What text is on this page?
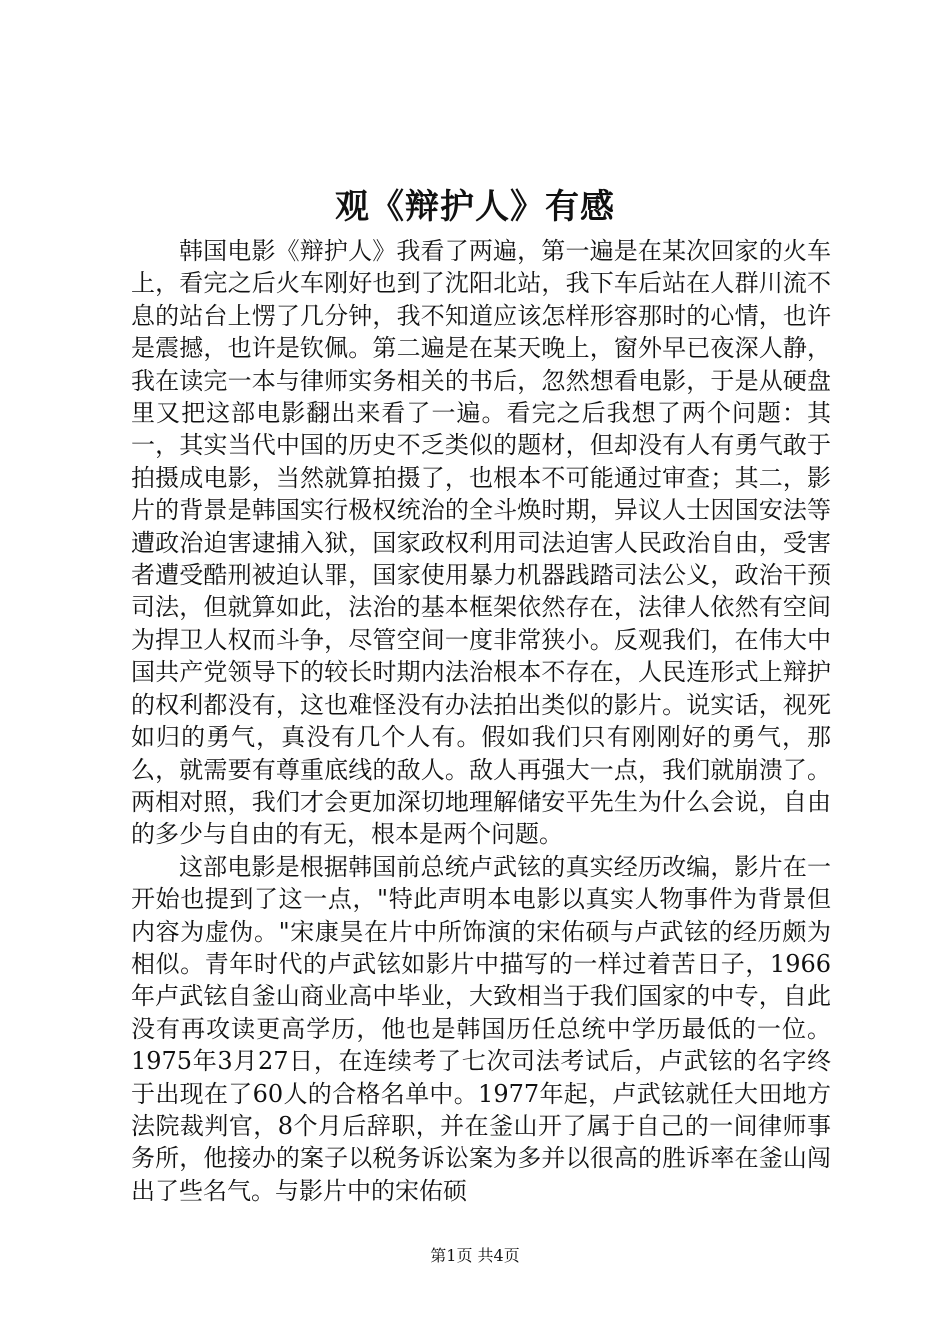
观《辩护人》有感

韩国电影《辩护人》我看了两遍，第一遍是在某次回家的火车上，看完之后火车刚好也到了沈阳北站，我下车后站在人群川流不息的站台上愣了几分钟，我不知道应该怎样形容那时的心情，也许是震撼，也许是钦佩。第二遍是在某天晚上，窗外早已夜深人静，我在读完一本与律师实务相关的书后，忽然想看电影，于是从硬盘里又把这部电影翻出来看了一遍。看完之后我想了两个问题：其一，其实当代中国的历史不乏类似的题材，但却没有人有勇气敢于拍摄成电影，当然就算拍摄了，也根本不可能通过审查；其二，影片的背景是韩国实行极权统治的全斗焕时期，异议人士因国安法等遭政治迫害逮捕入狱，国家政权利用司法迫害人民政治自由，受害者遭受酷刑被迫认罪，国家使用暴力机器践踏司法公义，政治干预司法，但就算如此，法治的基本框架依然存在，法律人依然有空间为捍卫人权而斗争，尽管空间一度非常狭小。反观我们，在伟大中国共产党领导下的较长时期内法治根本不存在，人民连形式上辩护的权利都没有，这也难怪没有办法拍出类似的影片。说实话，视死如归的勇气，真没有几个人有。假如我们只有刚刚好的勇气，那么，就需要有尊重底线的敌人。敌人再强大一点，我们就崩溃了。两相对照，我们才会更加深切地理解储安平先生为什么会说，自由的多少与自由的有无，根本是两个问题。

这部电影是根据韩国前总统卢武铉的真实经历改编，影片在一开始也提到了这一点，"特此声明本电影以真实人物事件为背景但内容为虚伪。"宋康昊在片中所饰演的宋佑硕与卢武铉的经历颇为相似。青年时代的卢武铉如影片中描写的一样过着苦日子，1966年卢武铉自釜山商业高中毕业，大致相当于我们国家的中专，自此没有再攻读更高学历，他也是韩国历任总统中学历最低的一位。1975年3月27日，在连续考了七次司法考试后，卢武铉的名字终于出现在了60人的合格名单中。1977年起，卢武铉就任大田地方法院裁判官，8个月后辞职，并在釜山开了属于自己的一间律师事务所，他接办的案子以税务诉讼案为多并以很高的胜诉率在釜山闯出了些名气。与影片中的宋佑硕

第1页 共4页
